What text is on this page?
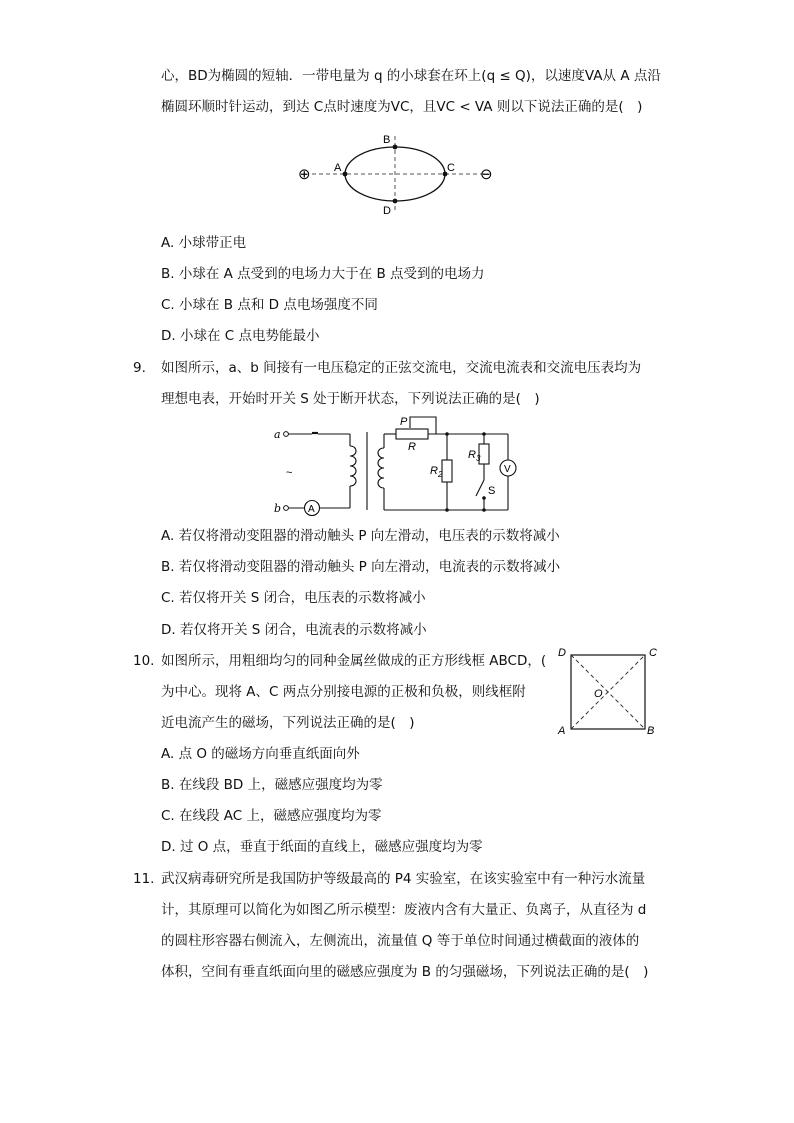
心，BD为椭圆的短轴．一带电量为 q 的小球套在环上(q ≤ Q)，以速度VA从 A 点沿
椭圆环顺时针运动，到达 C点时速度为VC，且VC < VA 则以下说法正确的是(　)
A
B
C
D
⊕	⊖
A. 小球带正电
B. 小球在 A 点受到的电场力大于在 B 点受到的电场力
C. 小球在 B 点和 D 点电场强度不同
D. 小球在 C 点电势能最小
9. 如图所示，a、b 间接有一电压稳定的正弦交流电，交流电流表和交流电压表均为
理想电表，开始时开关 S 处于断开状态，下列说法正确的是(　)
a
b
~
A
P
R
$R_2$
$R_3$
V
S
A. 若仅将滑动变阻器的滑动触头 P 向左滑动，电压表的示数将减小
B. 若仅将滑动变阻器的滑动触头 P 向左滑动，电流表的示数将减小
C. 若仅将开关 S 闭合，电压表的示数将减小
D. 若仅将开关 S 闭合，电流表的示数将减小
10. 如图所示，用粗细均匀的同种金属丝做成的正方形线框 ABCD，(
为中心。现将 A、C 两点分别接电源的正极和负极，则线框附
近电流产生的磁场，下列说法正确的是(　)
D	C
A	B
O
A. 点 O 的磁场方向垂直纸面向外
B. 在线段 BD 上，磁感应强度均为零
C. 在线段 AC 上，磁感应强度均为零
D. 过 O 点，垂直于纸面的直线上，磁感应强度均为零
11. 武汉病毒研究所是我国防护等级最高的 P4 实验室，在该实验室中有一种污水流量
计，其原理可以简化为如图乙所示模型：废液内含有大量正、负离子，从直径为 d
的圆柱形容器右侧流入，左侧流出，流量值 Q 等于单位时间通过横截面的液体的
体积，空间有垂直纸面向里的磁感应强度为 B 的匀强磁场，下列说法正确的是(　)
